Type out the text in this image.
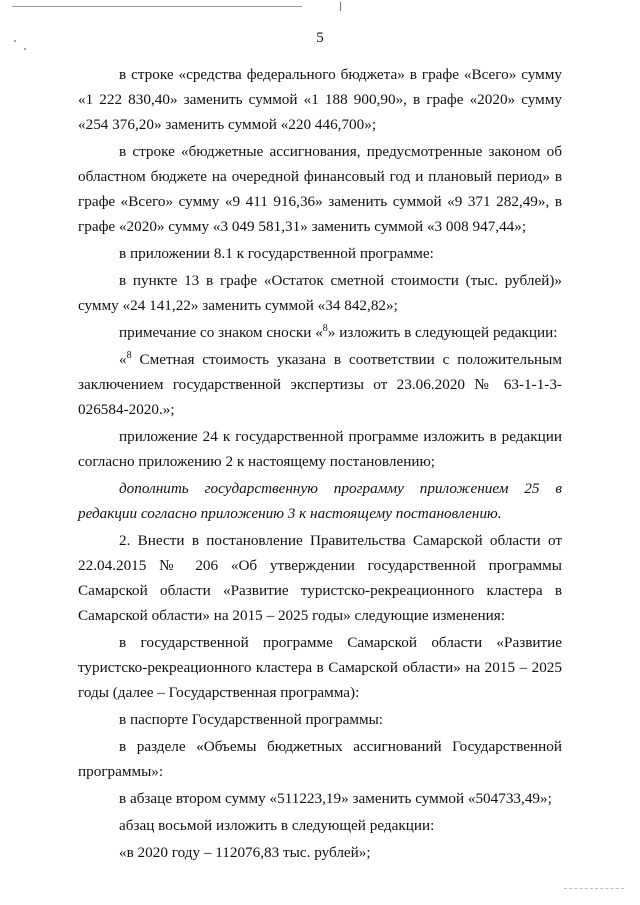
5

в строке «средства федерального бюджета» в графе «Всего» сумму «1 222 830,40» заменить суммой «1 188 900,90», в графе «2020» сумму «254 376,20» заменить суммой «220 446,700»;

в строке «бюджетные ассигнования, предусмотренные законом об областном бюджете на очередной финансовый год и плановый период» в графе «Всего» сумму «9 411 916,36» заменить суммой «9 371 282,49», в графе «2020» сумму «3 049 581,31» заменить суммой «3 008 947,44»;

в приложении 8.1 к государственной программе:

в пункте 13 в графе «Остаток сметной стоимости (тыс. рублей)» сумму «24 141,22» заменить суммой «34 842,82»;

примечание со знаком сноски «$^8$» изложить в следующей редакции:

«$^8$ Сметная стоимость указана в соответствии с положительным заключением государственной экспертизы от 23.06.2020 № 63-1-1-3-026584-2020.»;

приложение 24 к государственной программе изложить в редакции согласно приложению 2 к настоящему постановлению;

дополнить государственную программу приложением 25 в редакции согласно приложению 3 к настоящему постановлению.

2. Внести в постановление Правительства Самарской области от 22.04.2015 № 206 «Об утверждении государственной программы Самарской области «Развитие туристско-рекреационного кластера в Самарской области» на 2015 – 2025 годы» следующие изменения:

в государственной программе Самарской области «Развитие туристско-рекреационного кластера в Самарской области» на 2015 – 2025 годы (далее – Государственная программа):

в паспорте Государственной программы:

в разделе «Объемы бюджетных ассигнований Государственной программы»:

в абзаце втором сумму «511223,19» заменить суммой «504733,49»;

абзац восьмой изложить в следующей редакции:

«в 2020 году – 112076,83 тыс. рублей»;
